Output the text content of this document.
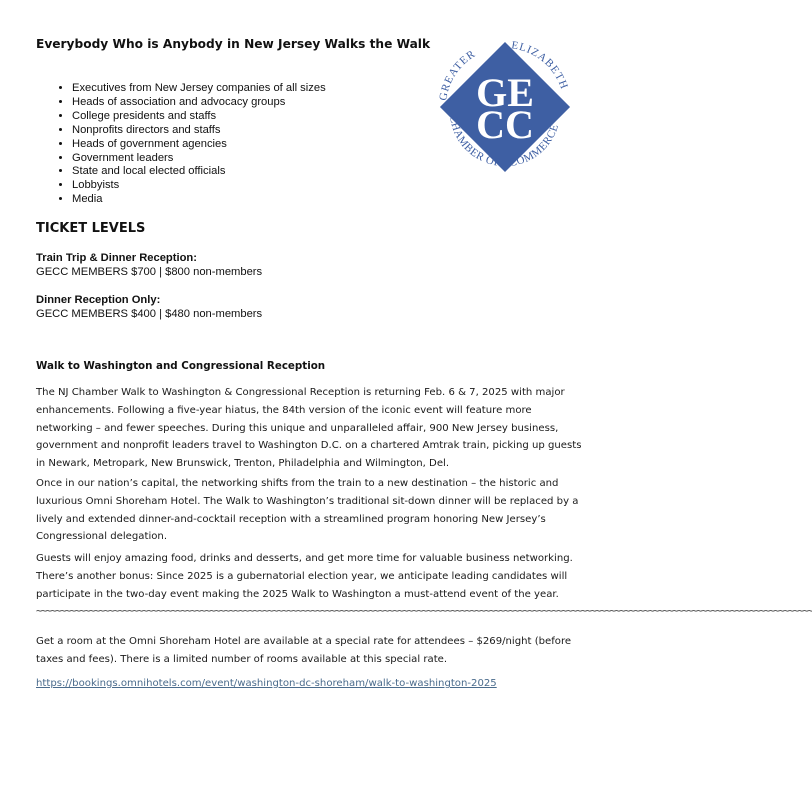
Everybody Who is Anybody in New Jersey Walks the Walk
GE
CC
GREATER
ELIZABETH
CHAMBER OF COMMERCE
• Executives from New Jersey companies of all sizes
• Heads of association and advocacy groups
• College presidents and staffs
• Nonprofits directors and staffs
• Heads of government agencies
• Government leaders
• State and local elected officials
• Lobbyists
• Media
TICKET LEVELS
Train Trip & Dinner Reception:
GECC MEMBERS $700 | $800 non-members
Dinner Reception Only:
GECC MEMBERS $400 | $480 non-members
Walk to Washington and Congressional Reception

The NJ Chamber Walk to Washington & Congressional Reception is returning Feb. 6 & 7, 2025 with major enhancements. Following a five-year hiatus, the 84th version of the iconic event will feature more networking – and fewer speeches. During this unique and unparalleled affair, 900 New Jersey business, government and nonprofit leaders travel to Washington D.C. on a chartered Amtrak train, picking up guests in Newark, Metropark, New Brunswick, Trenton, Philadelphia and Wilmington, Del.

Once in our nation’s capital, the networking shifts from the train to a new destination – the historic and luxurious Omni Shoreham Hotel. The Walk to Washington’s traditional sit-down dinner will be replaced by a lively and extended dinner-and-cocktail reception with a streamlined program honoring New Jersey’s Congressional delegation.

Guests will enjoy amazing food, drinks and desserts, and get more time for valuable business networking. There’s another bonus: Since 2025 is a gubernatorial election year, we anticipate leading candidates will participate in the two-day event making the 2025 Walk to Washington a must-attend event of the year.

~~~~~~~~~~~~~~~~~~~~~~~~~~~~~~~~~~~~~~~~~~~~~~~~~~~~~~~~~~~~~~~~~~~~~~~~~~~~~~~~~~~~~~~~~~~~~~~~~~~~~~~~~~~~~~~~~~~~~~~~~~~~~~~~~~~~~~~~~~~~~~~~~~~~~~~~~~~~~~~~~

Get a room at the Omni Shoreham Hotel are available at a special rate for attendees – $269/night (before taxes and fees). There is a limited number of rooms available at this special rate.

https://bookings.omnihotels.com/event/washington-dc-shoreham/walk-to-washington-2025
